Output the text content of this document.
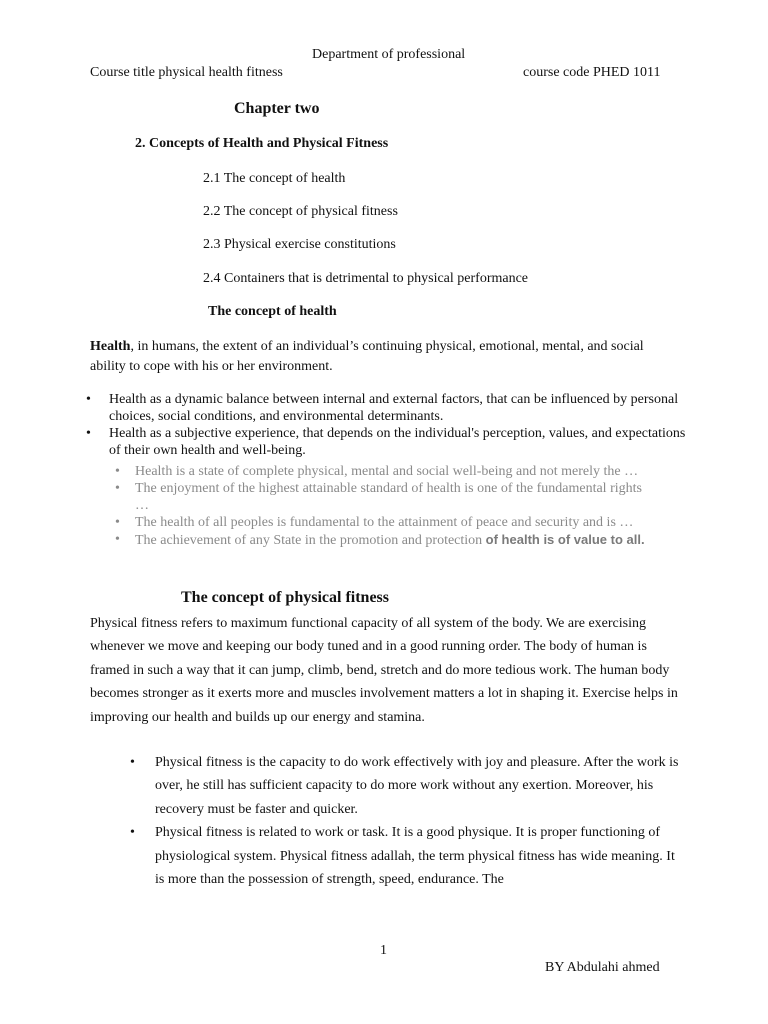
Department of professional
Course title physical health fitness	course code PHED 1011
Chapter two
2. Concepts of Health and Physical Fitness
2.1 The concept of health
2.2 The concept of physical fitness
2.3 Physical exercise constitutions
2.4 Containers that is detrimental to physical performance
The concept of health
Health, in humans, the extent of an individual’s continuing physical, emotional, mental, and social ability to cope with his or her environment.
• Health as a dynamic balance between internal and external factors, that can be influenced by personal choices, social conditions, and environmental determinants.
• Health as a subjective experience, that depends on the individual's perception, values, and expectations of their own health and well-being.
• Health is a state of complete physical, mental and social well-being and not merely the …
• The enjoyment of the highest attainable standard of health is one of the fundamental rights …
• The health of all peoples is fundamental to the attainment of peace and security and is …
• The achievement of any State in the promotion and protection of health is of value to all.
The concept of physical fitness
Physical fitness refers to maximum functional capacity of all system of the body. We are exercising whenever we move and keeping our body tuned and in a good running order. The body of human is framed in such a way that it can jump, climb, bend, stretch and do more tedious work. The human body becomes stronger as it exerts more and muscles involvement matters a lot in shaping it. Exercise helps in improving our health and builds up our energy and stamina.
• Physical fitness is the capacity to do work effectively with joy and pleasure. After the work is over, he still has sufficient capacity to do more work without any exertion. Moreover, his recovery must be faster and quicker.
• Physical fitness is related to work or task. It is a good physique. It is proper functioning of physiological system. Physical fitness adallah, the term physical fitness has wide meaning. It is more than the possession of strength, speed, endurance. The
1
BY Abdulahi ahmed
